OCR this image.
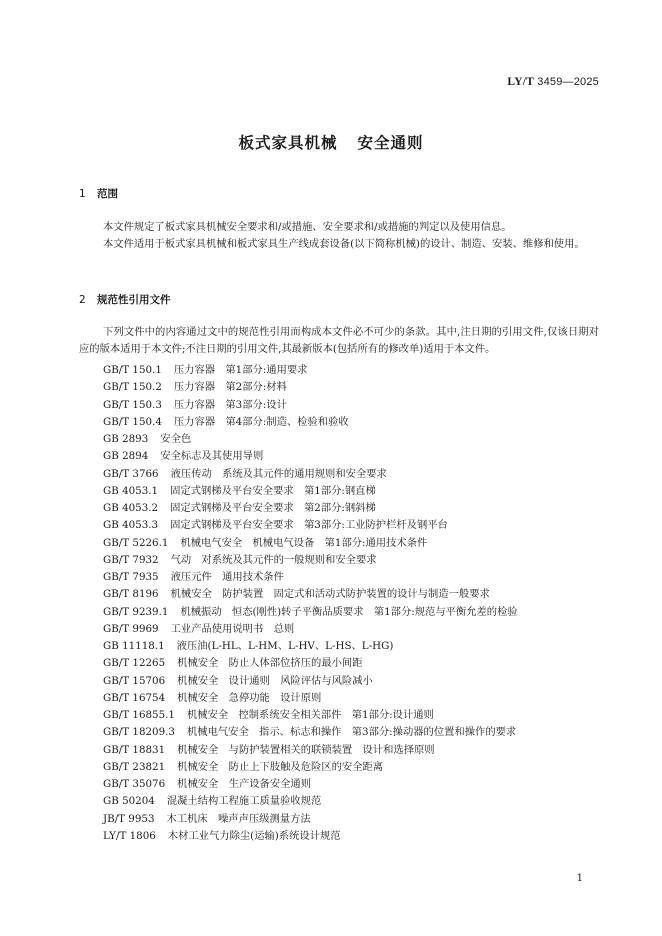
LY/T 3459—2025
板式家具机械 安全通则
1 范围

本文件规定了板式家具机械安全要求和/或措施、安全要求和/或措施的判定以及使用信息。

本文件适用于板式家具机械和板式家具生产线成套设备(以下简称机械)的设计、制造、安装、维修和使用。

2 规范性引用文件

下列文件中的内容通过文中的规范性引用而构成本文件必不可少的条款。其中,注日期的引用文件,仅该日期对应的版本适用于本文件;不注日期的引用文件,其最新版本(包括所有的修改单)适用于本文件。

GB/T 150.1 压力容器　第1部分:通用要求
GB/T 150.2 压力容器　第2部分:材料
GB/T 150.3 压力容器　第3部分:设计
GB/T 150.4 压力容器　第4部分:制造、检验和验收
GB 2893 安全色
GB 2894 安全标志及其使用导则
GB/T 3766 液压传动　系统及其元件的通用规则和安全要求
GB 4053.1 固定式钢梯及平台安全要求　第1部分:钢直梯
GB 4053.2 固定式钢梯及平台安全要求　第2部分:钢斜梯
GB 4053.3 固定式钢梯及平台安全要求　第3部分:工业防护栏杆及钢平台
GB/T 5226.1 机械电气安全　机械电气设备　第1部分:通用技术条件
GB/T 7932 气动　对系统及其元件的一般规则和安全要求
GB/T 7935 液压元件　通用技术条件
GB/T 8196 机械安全　防护装置　固定式和活动式防护装置的设计与制造一般要求
GB/T 9239.1 机械振动　恒态(刚性)转子平衡品质要求　第1部分:规范与平衡允差的检验
GB/T 9969 工业产品使用说明书　总则
GB 11118.1 液压油(L-HL、L-HM、L-HV、L-HS、L-HG)
GB/T 12265 机械安全　防止人体部位挤压的最小间距
GB/T 15706 机械安全　设计通则　风险评估与风险减小
GB/T 16754 机械安全　急停功能　设计原则
GB/T 16855.1 机械安全　控制系统安全相关部件　第1部分:设计通则
GB/T 18209.3 机械电气安全　指示、标志和操作　第3部分:操动器的位置和操作的要求
GB/T 18831 机械安全　与防护装置相关的联锁装置　设计和选择原则
GB/T 23821 机械安全　防止上下肢触及危险区的安全距离
GB/T 35076 机械安全　生产设备安全通则
GB 50204 混凝土结构工程施工质量验收规范
JB/T 9953 木工机床　噪声声压级测量方法
LY/T 1806 木材工业气力除尘(运输)系统设计规范
1
